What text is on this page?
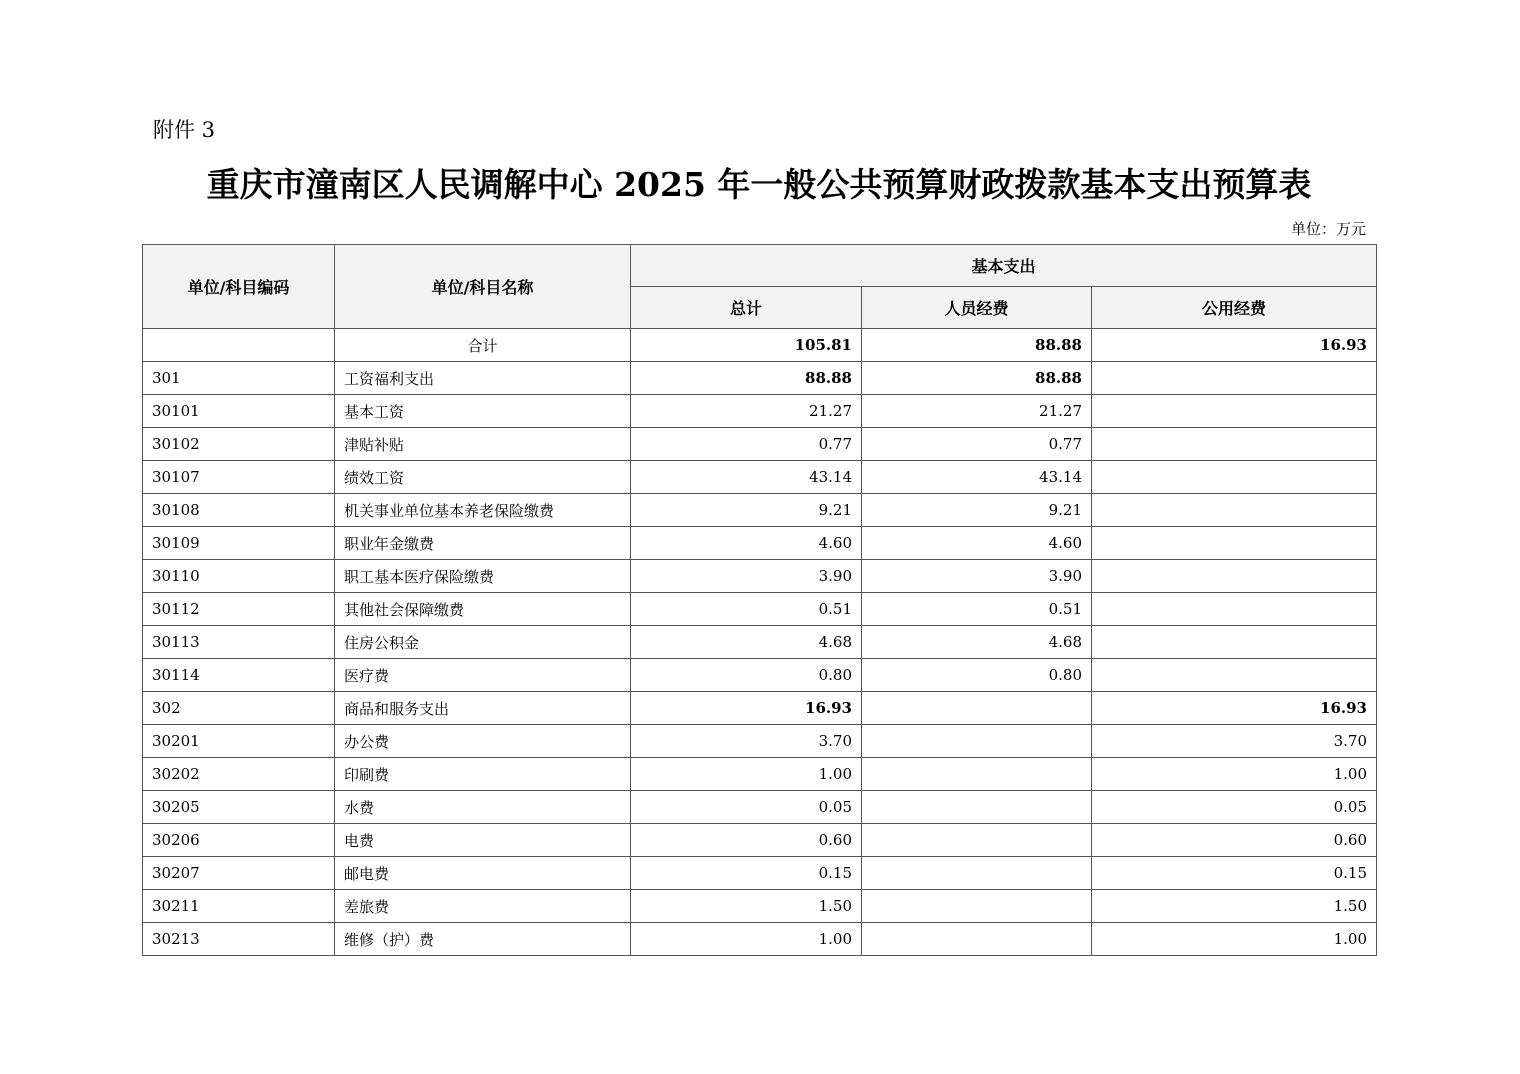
附件 3
重庆市潼南区人民调解中心 2025 年一般公共预算财政拨款基本支出预算表
单位：万元
单位/科目编码	单位/科目名称	基本支出		
		总计	人员经费	公用经费
	合计	105.81	88.88	16.93
301	工资福利支出	88.88	88.88	
30101	基本工资	21.27	21.27	
30102	津贴补贴	0.77	0.77	
30107	绩效工资	43.14	43.14	
30108	机关事业单位基本养老保险缴费	9.21	9.21	
30109	职业年金缴费	4.60	4.60	
30110	职工基本医疗保险缴费	3.90	3.90	
30112	其他社会保障缴费	0.51	0.51	
30113	住房公积金	4.68	4.68	
30114	医疗费	0.80	0.80	
302	商品和服务支出	16.93		16.93
30201	办公费	3.70		3.70
30202	印刷费	1.00		1.00
30205	水费	0.05		0.05
30206	电费	0.60		0.60
30207	邮电费	0.15		0.15
30211	差旅费	1.50		1.50
30213	维修（护）费	1.00		1.00
